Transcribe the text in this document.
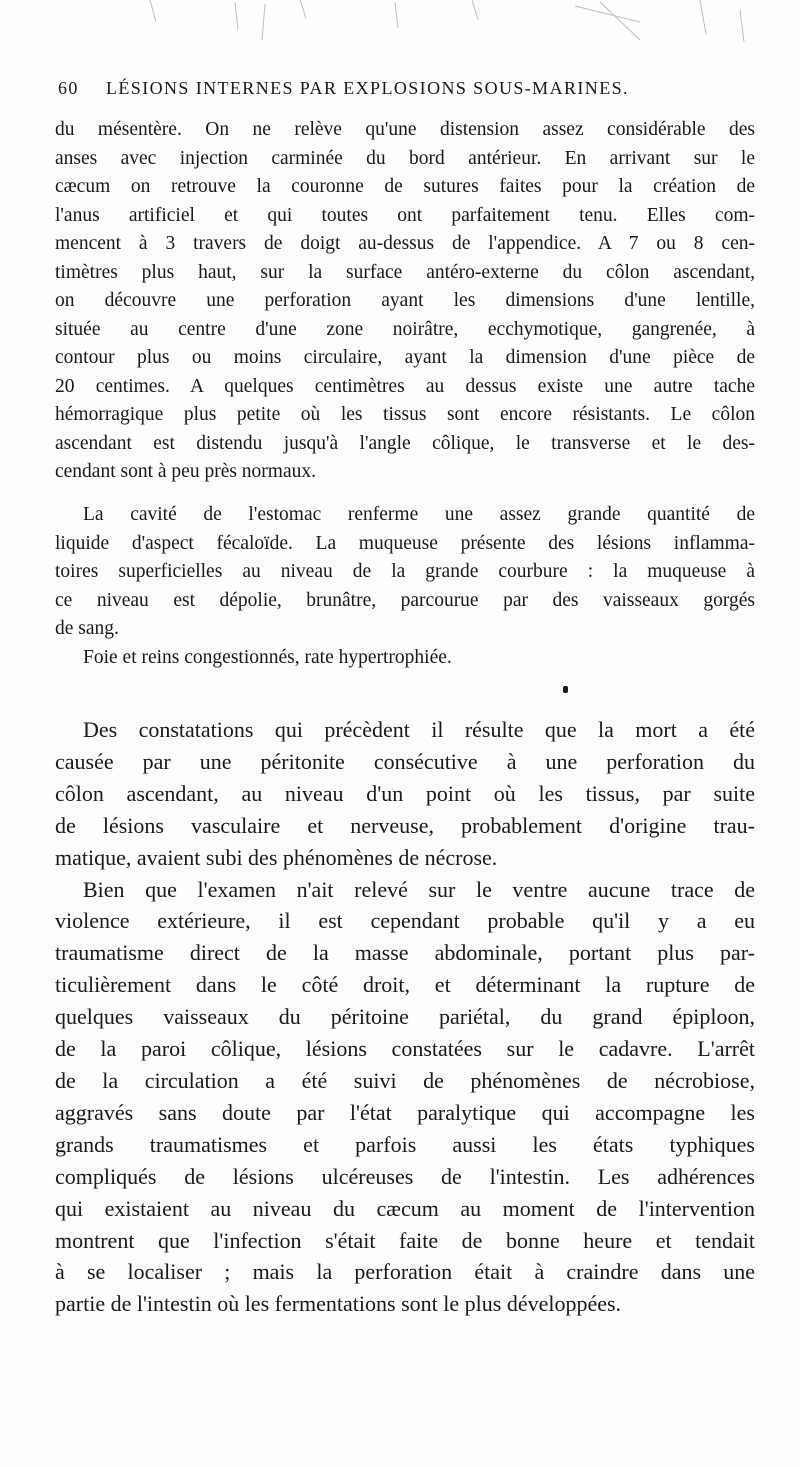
60 LÉSIONS INTERNES PAR EXPLOSIONS SOUS-MARINES.

du mésentère. On ne relève qu'une distension assez considérable des
anses avec injection carminée du bord antérieur. En arrivant sur le
cæcum on retrouve la couronne de sutures faites pour la création de
l'anus artificiel et qui toutes ont parfaitement tenu. Elles com-
mencent à 3 travers de doigt au-dessus de l'appendice. A 7 ou 8 cen-
timètres plus haut, sur la surface antéro-externe du côlon ascendant,
on découvre une perforation ayant les dimensions d'une lentille,
située au centre d'une zone noirâtre, ecchymotique, gangrenée, à
contour plus ou moins circulaire, ayant la dimension d'une pièce de
20 centimes. A quelques centimètres au dessus existe une autre tache
hémorragique plus petite où les tissus sont encore résistants. Le côlon
ascendant est distendu jusqu'à l'angle côlique, le transverse et le des-
cendant sont à peu près normaux.

La cavité de l'estomac renferme une assez grande quantité de
liquide d'aspect fécaloïde. La muqueuse présente des lésions inflamma-
toires superficielles au niveau de la grande courbure : la muqueuse à
ce niveau est dépolie, brunâtre, parcourue par des vaisseaux gorgés
de sang.

Foie et reins congestionnés, rate hypertrophiée.

Des constatations qui précèdent il résulte que la mort a été
causée par une péritonite consécutive à une perforation du
côlon ascendant, au niveau d'un point où les tissus, par suite
de lésions vasculaire et nerveuse, probablement d'origine trau-
matique, avaient subi des phénomènes de nécrose.

Bien que l'examen n'ait relevé sur le ventre aucune trace de
violence extérieure, il est cependant probable qu'il y a eu
traumatisme direct de la masse abdominale, portant plus par-
ticulièrement dans le côté droit, et déterminant la rupture de
quelques vaisseaux du péritoine pariétal, du grand épiploon,
de la paroi côlique, lésions constatées sur le cadavre. L'arrêt
de la circulation a été suivi de phénomènes de nécrobiose,
aggravés sans doute par l'état paralytique qui accompagne les
grands traumatismes et parfois aussi les états typhiques
compliqués de lésions ulcéreuses de l'intestin. Les adhérences
qui existaient au niveau du cæcum au moment de l'intervention
montrent que l'infection s'était faite de bonne heure et tendait
à se localiser ; mais la perforation était à craindre dans une
partie de l'intestin où les fermentations sont le plus développées.
